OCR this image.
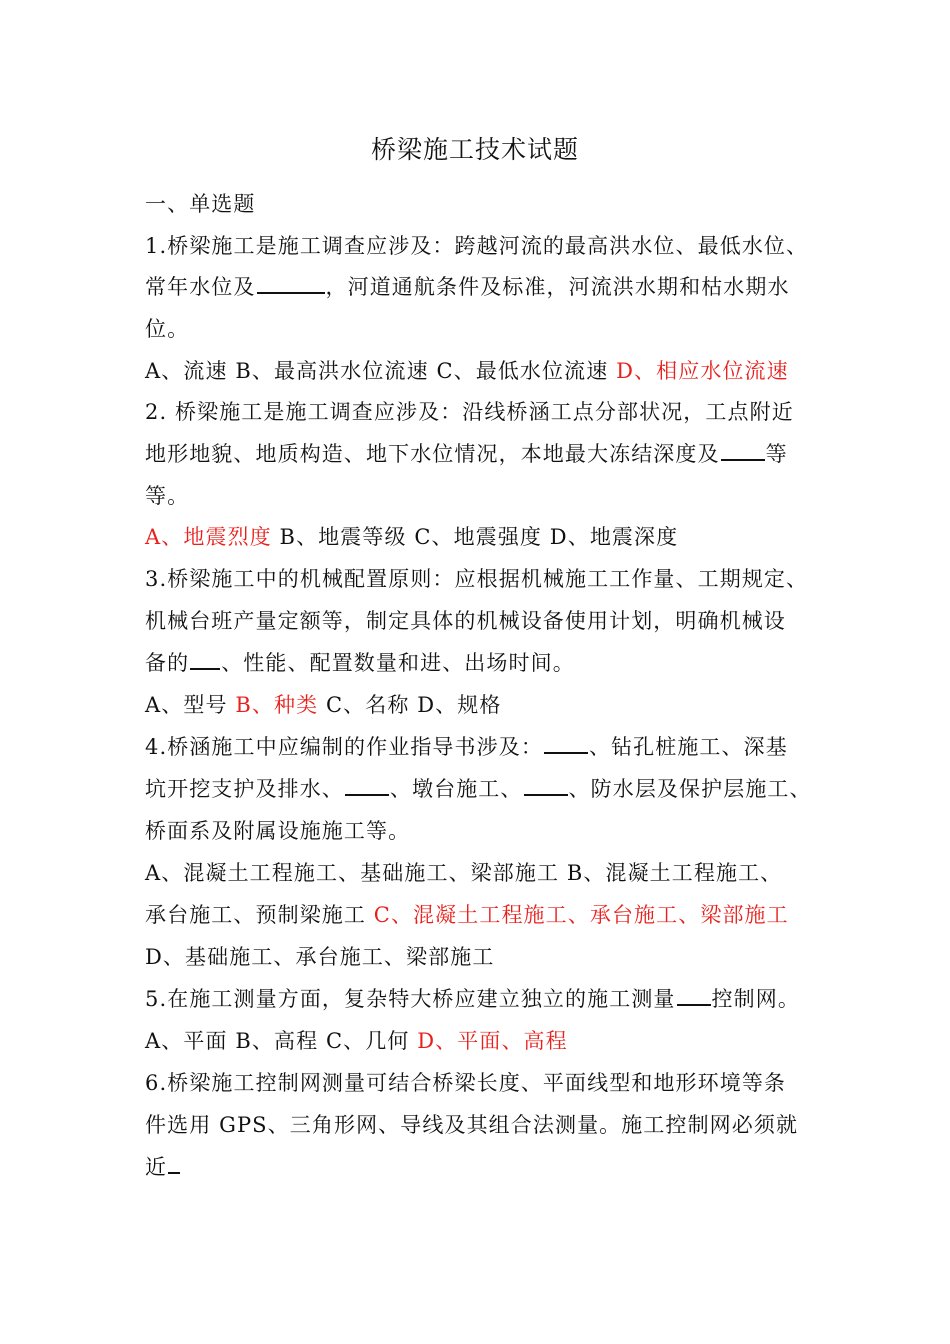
桥梁施工技术试题
一、单选题
1.桥梁施工是施工调查应涉及：跨越河流的最高洪水位、最低水位、
常年水位及	，河道通航条件及标准，河流洪水期和枯水期水
位。
A、流速 B、最高洪水位流速 C、最低水位流速 D、相应水位流速
2. 桥梁施工是施工调查应涉及：沿线桥涵工点分部状况，工点附近
地形地貌、地质构造、地下水位情况，本地最大冻结深度及 等
等。
A、地震烈度 B、地震等级 C、地震强度 D、地震深度
3.桥梁施工中的机械配置原则：应根据机械施工工作量、工期规定、
机械台班产量定额等，制定具体的机械设备使用计划，明确机械设
备的 、性能、配置数量和进、出场时间。
A、型号 B、种类 C、名称 D、规格
4.桥涵施工中应编制的作业指导书涉及： 、钻孔桩施工、深基
坑开挖支护及排水、 、墩台施工、 、防水层及保护层施工、
桥面系及附属设施施工等。
A、混凝土工程施工、基础施工、梁部施工 B、混凝土工程施工、
承台施工、预制梁施工 C、混凝土工程施工、承台施工、梁部施工
D、基础施工、承台施工、梁部施工
5.在施工测量方面，复杂特大桥应建立独立的施工测量 控制网。
A、平面 B、高程 C、几何 D、平面、高程
6.桥梁施工控制网测量可结合桥梁长度、平面线型和地形环境等条
件选用 GPS、三角形网、导线及其组合法测量。施工控制网必须就
近
